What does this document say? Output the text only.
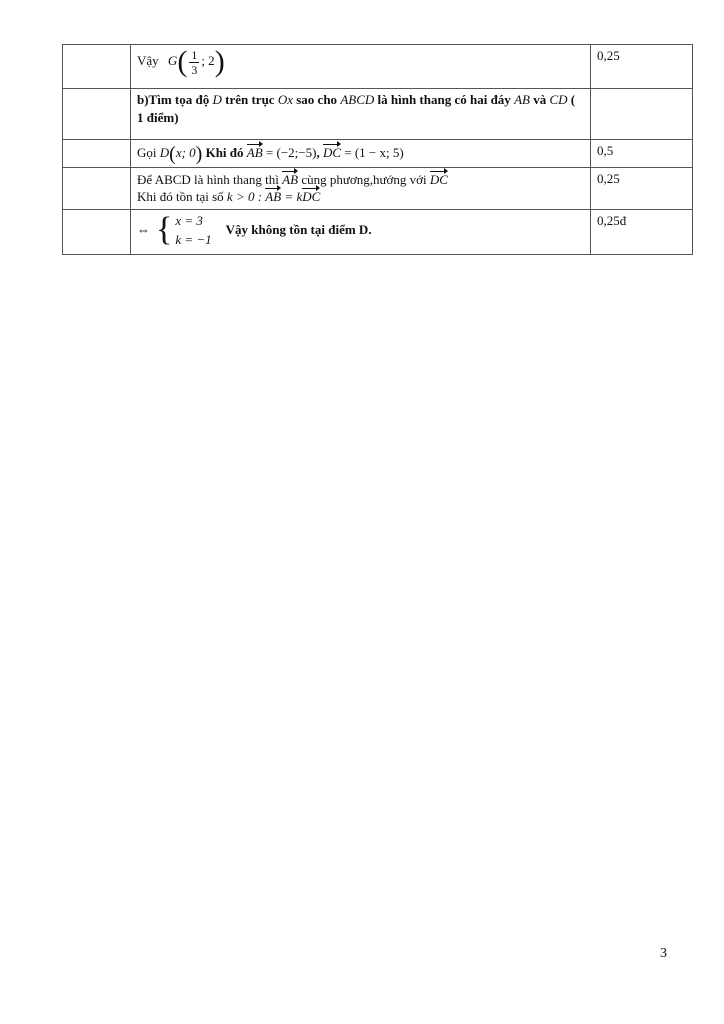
	Vậy $G( \frac{1}{3}$ ; 2)	0,25
	b)Tìm tọa độ D trên trục Ox sao cho ABCD là hình thang có hai đáy AB và CD ( 1 điểm)	
	Gọi D(x; 0) Khi đó AB = (−2;−5), DC = (1 − x; 5)	0,5

	Để ABCD là hình thang thì AB cùng phương,hướng với DC
Khi đó tồn tại số k > 0 : AB = kDC	0,25

	⇔ { x = 3
k = −1
Vậy không tồn tại điểm D.	0,25đ
3
